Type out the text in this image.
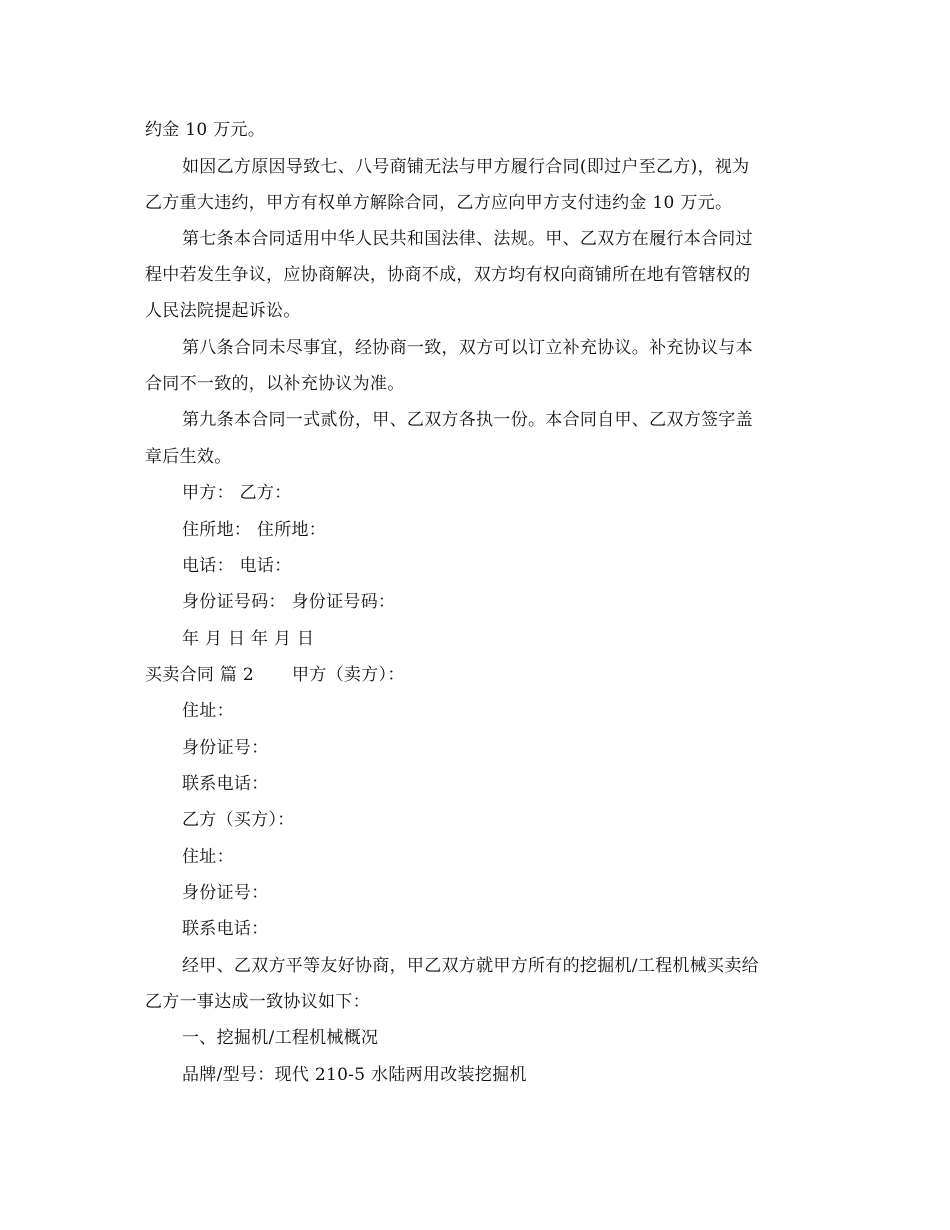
约金 10 万元。
如因乙方原因导致七、八号商铺无法与甲方履行合同(即过户至乙方)，视为
乙方重大违约，甲方有权单方解除合同，乙方应向甲方支付违约金 10 万元。
第七条本合同适用中华人民共和国法律、法规。甲、乙双方在履行本合同过
程中若发生争议，应协商解决，协商不成，双方均有权向商铺所在地有管辖权的
人民法院提起诉讼。
第八条合同未尽事宜，经协商一致，双方可以订立补充协议。补充协议与本
合同不一致的，以补充协议为准。
第九条本合同一式贰份，甲、乙双方各执一份。本合同自甲、乙双方签字盖
章后生效。
甲方： 乙方：
住所地： 住所地：
电话： 电话：
身份证号码： 身份证号码：
年 月 日 年 月 日
买卖合同 篇 2 甲方（卖方）：
住址：
身份证号：
联系电话：
乙方（买方）：
住址：
身份证号：
联系电话：
经甲、乙双方平等友好协商，甲乙双方就甲方所有的挖掘机/工程机械买卖给
乙方一事达成一致协议如下：
一、挖掘机/工程机械概况
品牌/型号：现代 210-5 水陆两用改装挖掘机
